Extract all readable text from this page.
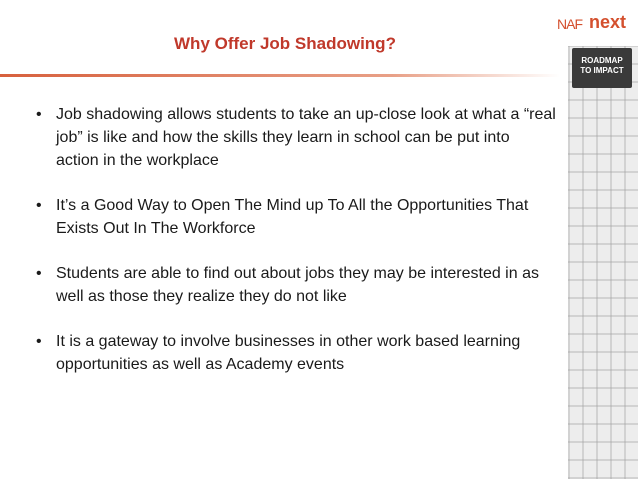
Why Offer Job Shadowing?
• Job shadowing allows students to take an up-close look at what a “real job” is like and how the skills they learn in school can be put into action in the workplace
• It’s a Good Way to Open The Mind up To All the Opportunities That Exists Out In The Workforce
• Students are able to find out about jobs they may be interested in as well as those they realize they do not like
• It is a gateway to involve businesses in other work based learning opportunities as well as Academy events
NAF next
ROADMAP
TO IMPACT
